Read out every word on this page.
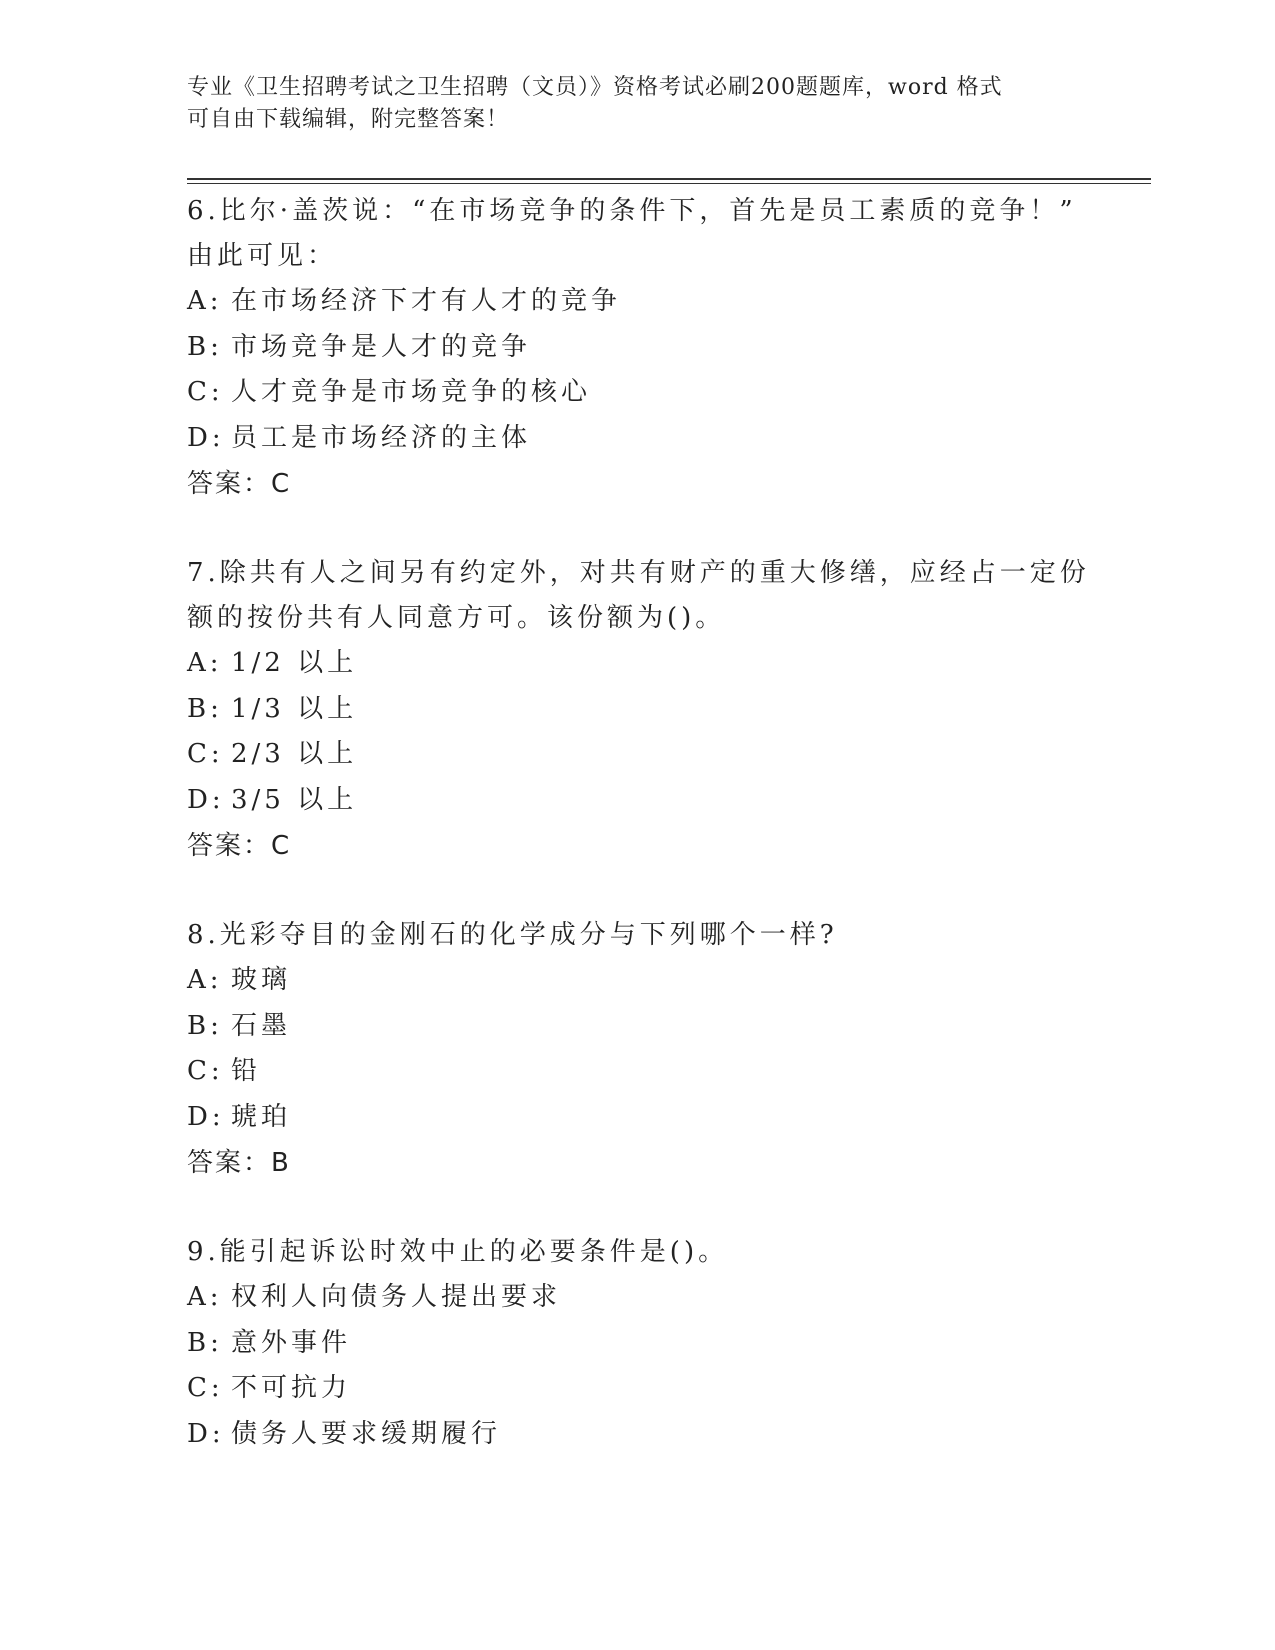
专业《卫生招聘考试之卫生招聘（文员）》资格考试必刷200题题库，word 格式
可自由下载编辑，附完整答案！
6.比尔·盖茨说：“在市场竞争的条件下，首先是员工素质的竞争！”
由此可见：
A: 在市场经济下才有人才的竞争
B: 市场竞争是人才的竞争
C: 人才竞争是市场竞争的核心
D: 员工是市场经济的主体
答案：C
7.除共有人之间另有约定外，对共有财产的重大修缮，应经占一定份
额的按份共有人同意方可。该份额为()。
A: 1/2 以上
B: 1/3 以上
C: 2/3 以上
D: 3/5 以上
答案：C
8.光彩夺目的金刚石的化学成分与下列哪个一样?
A: 玻璃
B: 石墨
C: 铅
D: 琥珀
答案：B
9.能引起诉讼时效中止的必要条件是()。
A: 权利人向债务人提出要求
B: 意外事件
C: 不可抗力
D: 债务人要求缓期履行
